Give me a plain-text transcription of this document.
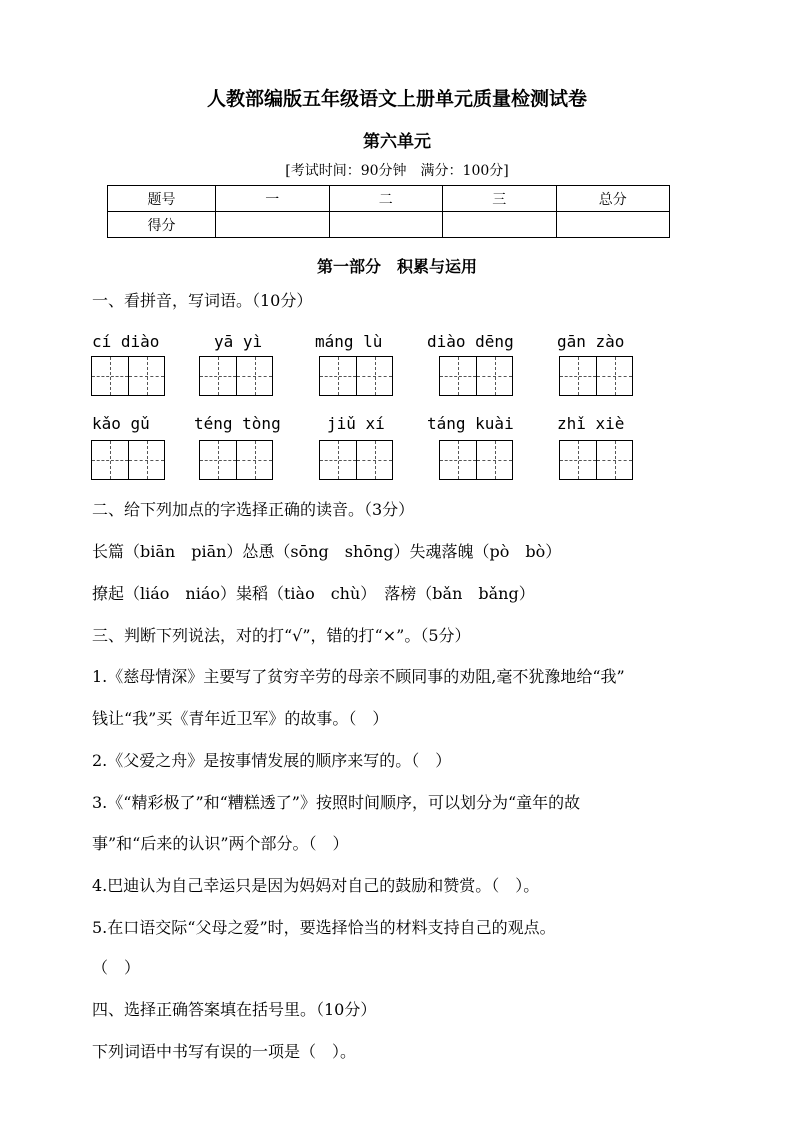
人教部编版五年级语文上册单元质量检测试卷
第六单元
[考试时间：90分钟　满分：100分]
题号	一	二	三	总分
得分				
第一部分　积累与运用
一、看拼音，写词语。（10分）
cí diào	yā yì	máng lù	diào dēng	gān zào
kǎo gǔ	téng tòng	jiǔ xí	táng kuài	zhǐ xiè
二、给下列加点的字选择正确的读音。（3分）
长篇（biān　piān）怂恿（sōng　shōng）失魂落魄（pò　bò）
撩起（liáo　niáo）粜稻（tiào　chù）　落榜（bǎn　bǎng）
三、判断下列说法，对的打“√”，错的打“×”。（5分）
1.《慈母情深》主要写了贫穷辛劳的母亲不顾同事的劝阻,毫不犹豫地给“我”
钱让“我”买《青年近卫军》的故事。（　）
2.《父爱之舟》是按事情发展的顺序来写的。（　）
3.《“精彩极了”和“糟糕透了”》按照时间顺序，可以划分为“童年的故
事”和“后来的认识”两个部分。（　）
4.巴迪认为自己幸运只是因为妈妈对自己的鼓励和赞赏。（　）。
5.在口语交际“父母之爱”时，要选择恰当的材料支持自己的观点。
（　）
四、选择正确答案填在括号里。（10分）
下列词语中书写有误的一项是（　）。
